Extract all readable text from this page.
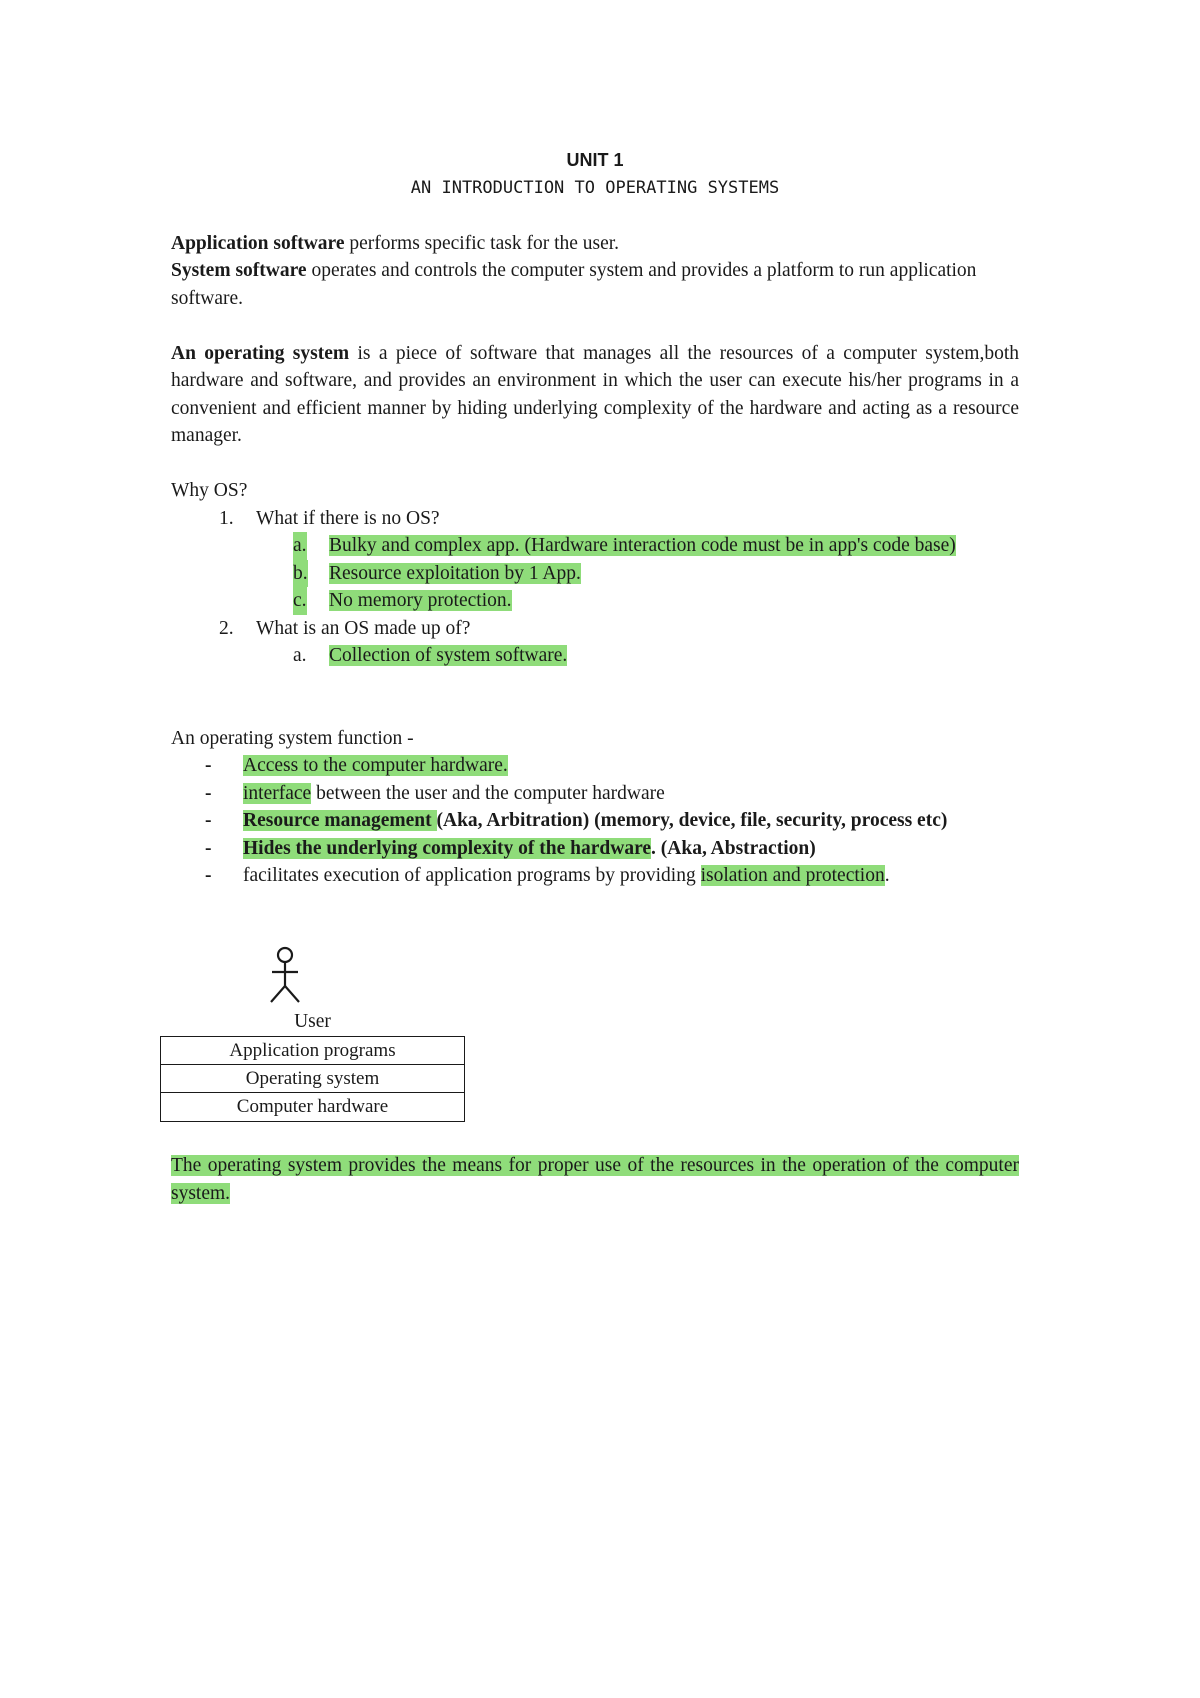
UNIT 1
AN INTRODUCTION TO OPERATING SYSTEMS
Application software performs specific task for the user.
System software operates and controls the computer system and provides a platform to run application software.
An operating system is a piece of software that manages all the resources of a computer system,both hardware and software, and provides an environment in which the user can execute his/her programs in a convenient and efficient manner by hiding underlying complexity of the hardware and acting as a resource manager.
Why OS?
1. What if there is no OS?
a. Bulky and complex app. (Hardware interaction code must be in app's code base)
b. Resource exploitation by 1 App.
c. No memory protection.
2. What is an OS made up of?
a. Collection of system software.
An operating system function -
- Access to the computer hardware.
- interface between the user and the computer hardware
- Resource management (Aka, Arbitration) (memory, device, file, security, process etc)
- Hides the underlying complexity of the hardware. (Aka, Abstraction)
- facilitates execution of application programs by providing isolation and protection.
User
Application programs
Operating system
Computer hardware
The operating system provides the means for proper use of the resources in the operation of the computer system.
